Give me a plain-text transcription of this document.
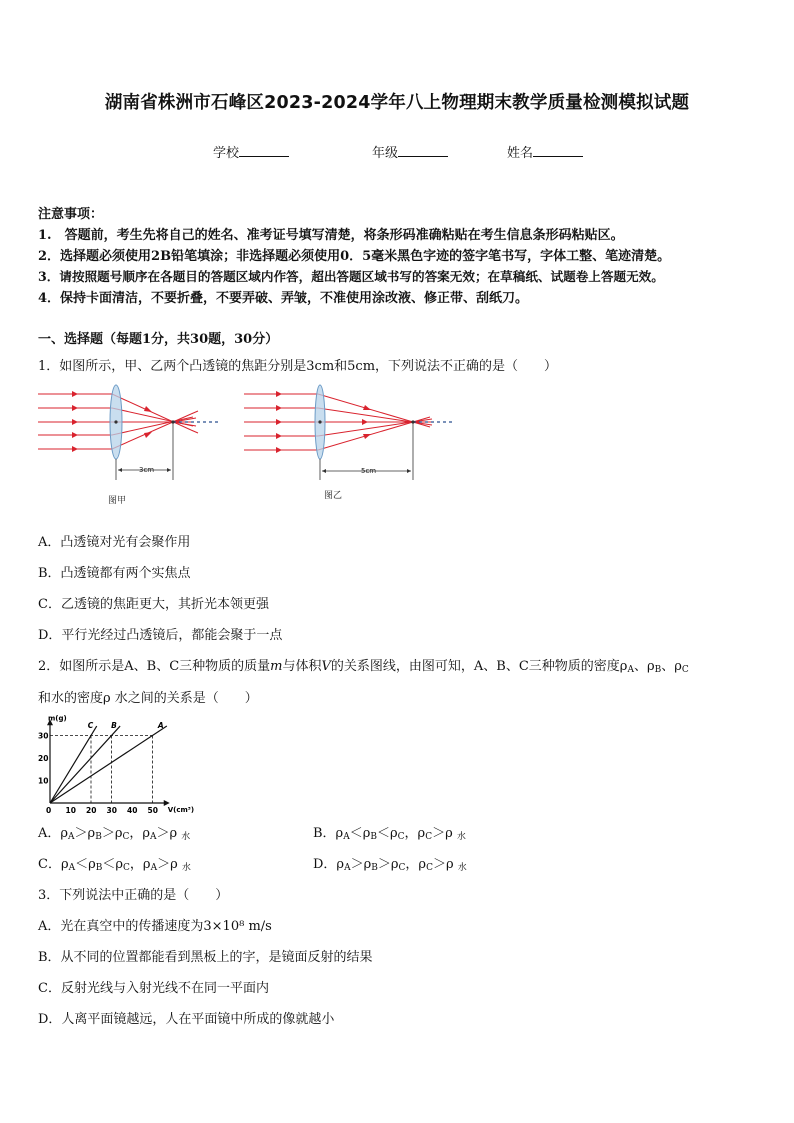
湖南省株洲市石峰区2023-2024学年八上物理期末教学质量检测模拟试题
学校	年级	姓名
注意事项：
1.　答题前，考生先将自己的姓名、准考证号填写清楚，将条形码准确粘贴在考生信息条形码粘贴区。
2．选择题必须使用2B铅笔填涂；非选择题必须使用0．5毫米黑色字迹的签字笔书写，字体工整、笔迹清楚。
3．请按照题号顺序在各题目的答题区域内作答，超出答题区域书写的答案无效；在草稿纸、试题卷上答题无效。
4．保持卡面清洁，不要折叠，不要弄破、弄皱，不准使用涂改液、修正带、刮纸刀。
一、选择题（每题1分，共30题，30分）
1．如图所示，甲、乙两个凸透镜的焦距分别是3cm和5cm，下列说法不正确的是（　　）
3cm
图甲
5cm
图乙
A．凸透镜对光有会聚作用
B．凸透镜都有两个实焦点
C．乙透镜的焦距更大，其折光本领更强
D．平行光经过凸透镜后，都能会聚于一点
2．如图所示是A、B、C三种物质的质量m与体积V的关系图线，由图可知，A、B、C三种物质的密度$\rho_A$、$\rho_B$、$\rho_C$
和水的密度ρ 水之间的关系是（　　）
m(g)
V(cm³)
0 10 20 30 40 50
10
20
30
A
B
C
A．$\rho_A>\rho_B>\rho_C$，$\rho_A>\rho$ $_水$	B．$\rho_A<\rho_B<\rho_C$，$\rho_C>\rho$ $_水$
C．$\rho_A<\rho_B<\rho_C$，$\rho_A>\rho$ $_水$	D．$\rho_A>\rho_B>\rho_C$，$\rho_C>\rho$ $_水$
3．下列说法中正确的是（　　）
A．光在真空中的传播速度为3×10⁸ m/s
B．从不同的位置都能看到黑板上的字，是镜面反射的结果
C．反射光线与入射光线不在同一平面内
D．人离平面镜越远，人在平面镜中所成的像就越小
